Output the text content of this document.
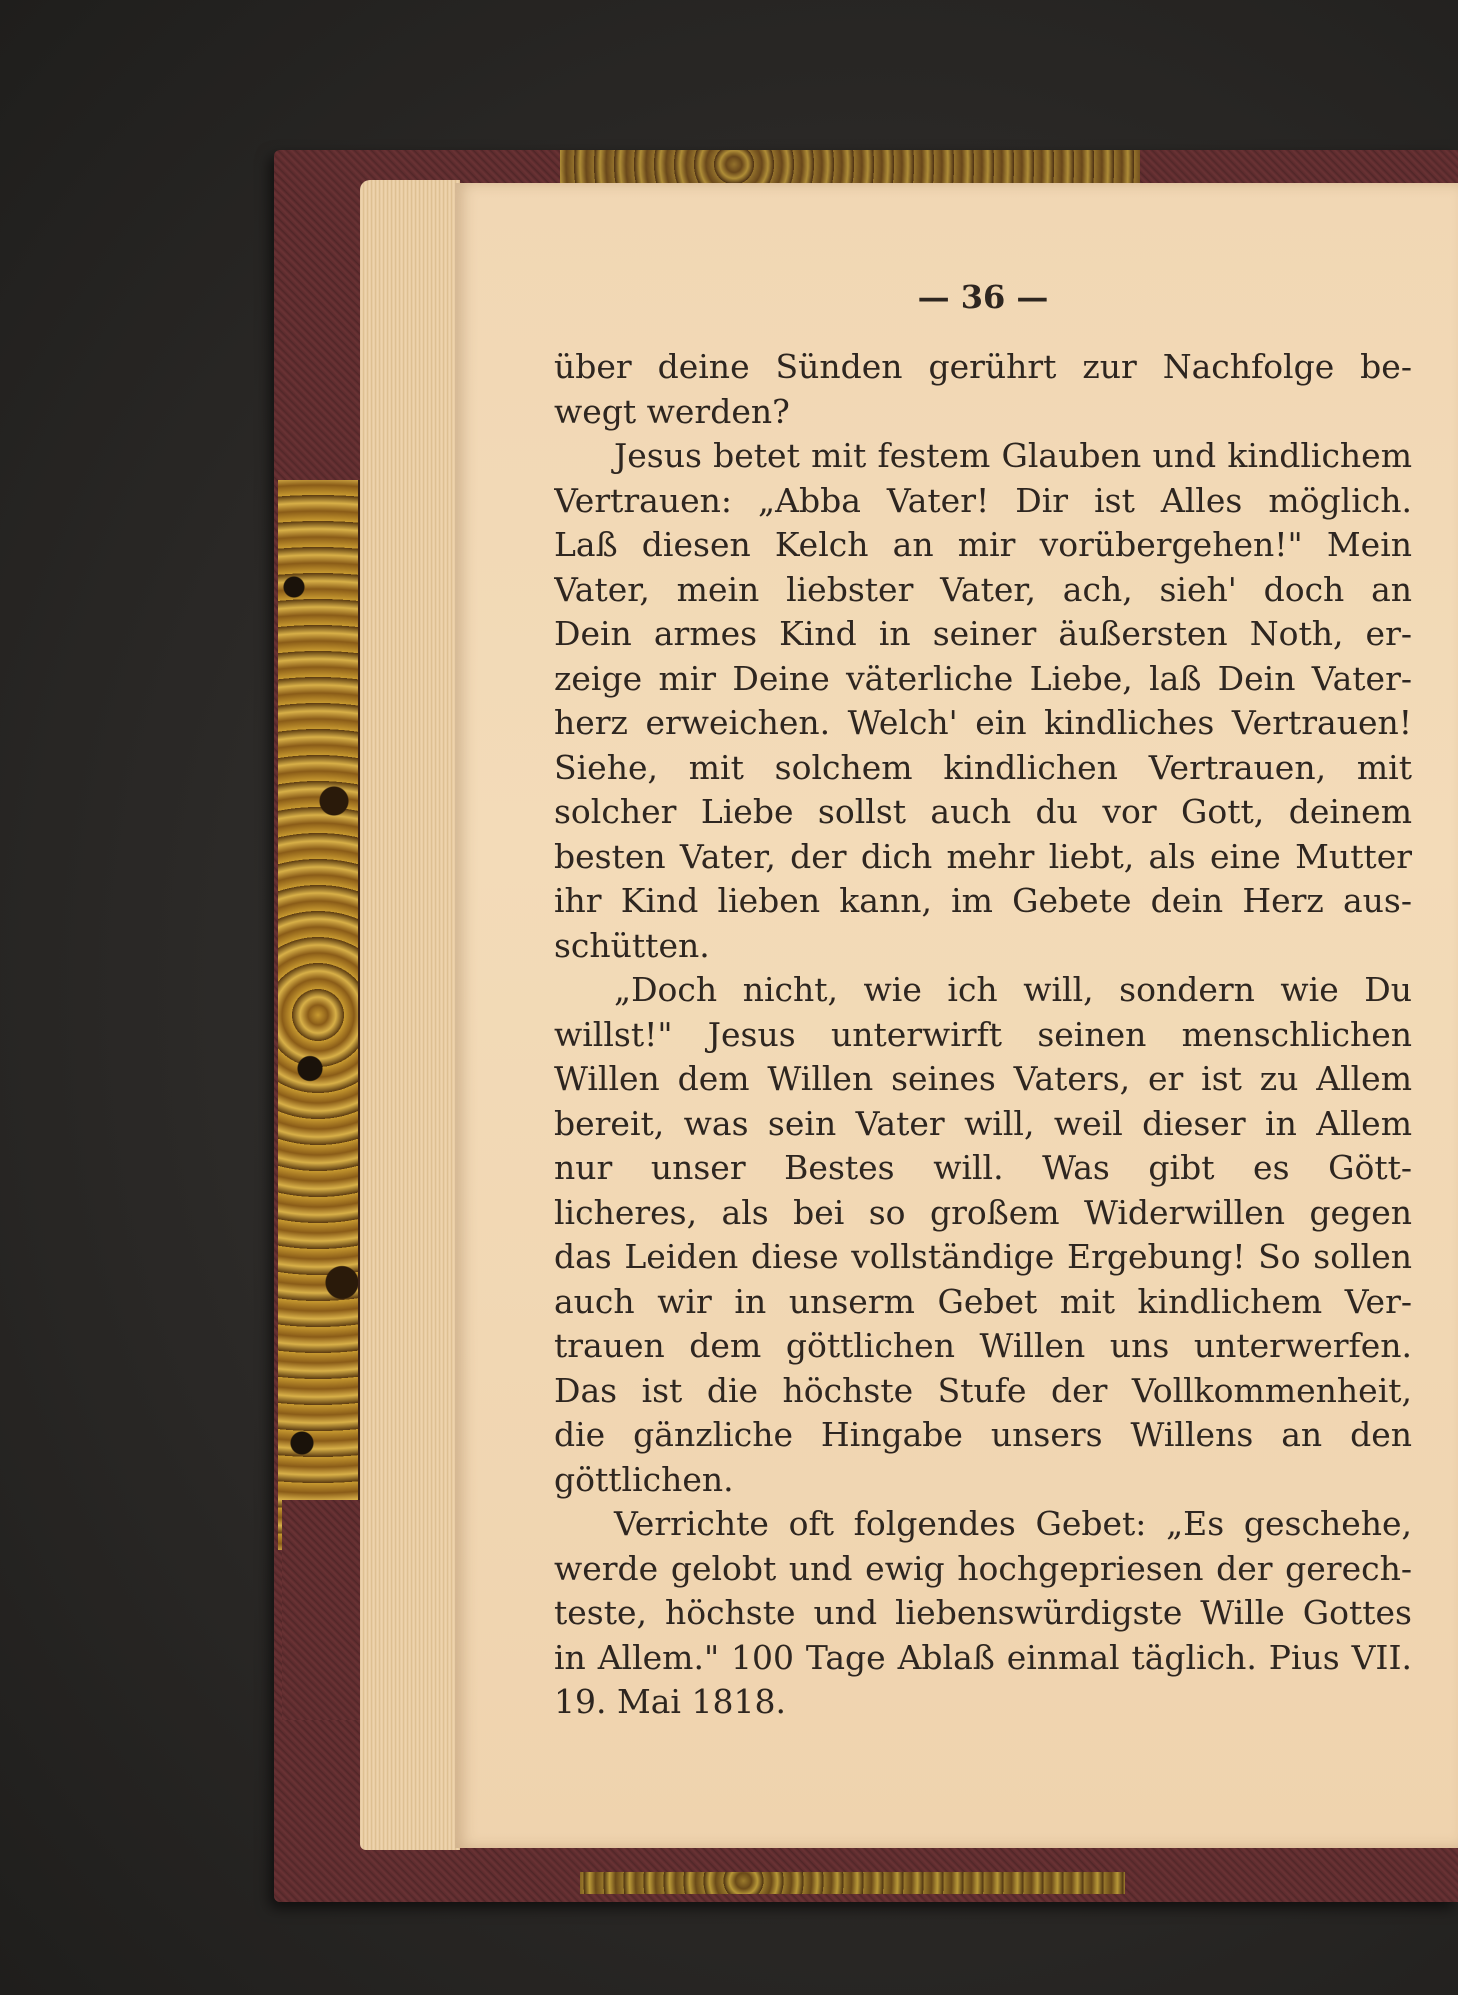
— 36 —
über deine Sünden gerührt zur Nachfolge be-
wegt werden?
Jesus betet mit festem Glauben und kindlichem
Vertrauen: „Abba Vater! Dir ist Alles möglich.
Laß diesen Kelch an mir vorübergehen!" Mein
Vater, mein liebster Vater, ach, sieh' doch an
Dein armes Kind in seiner äußersten Noth, er-
zeige mir Deine väterliche Liebe, laß Dein Vater-
herz erweichen. Welch' ein kindliches Vertrauen!
Siehe, mit solchem kindlichen Vertrauen, mit
solcher Liebe sollst auch du vor Gott, deinem
besten Vater, der dich mehr liebt, als eine Mutter
ihr Kind lieben kann, im Gebete dein Herz aus-
schütten.
„Doch nicht, wie ich will, sondern wie Du
willst!" Jesus unterwirft seinen menschlichen
Willen dem Willen seines Vaters, er ist zu Allem
bereit, was sein Vater will, weil dieser in Allem
nur unser Bestes will. Was gibt es Gött-
licheres, als bei so großem Widerwillen gegen
das Leiden diese vollständige Ergebung! So sollen
auch wir in unserm Gebet mit kindlichem Ver-
trauen dem göttlichen Willen uns unterwerfen.
Das ist die höchste Stufe der Vollkommenheit,
die gänzliche Hingabe unsers Willens an den
göttlichen.
Verrichte oft folgendes Gebet: „Es geschehe,
werde gelobt und ewig hochgepriesen der gerech-
teste, höchste und liebenswürdigste Wille Gottes
in Allem." 100 Tage Ablaß einmal täglich. Pius VII.
19. Mai 1818.
